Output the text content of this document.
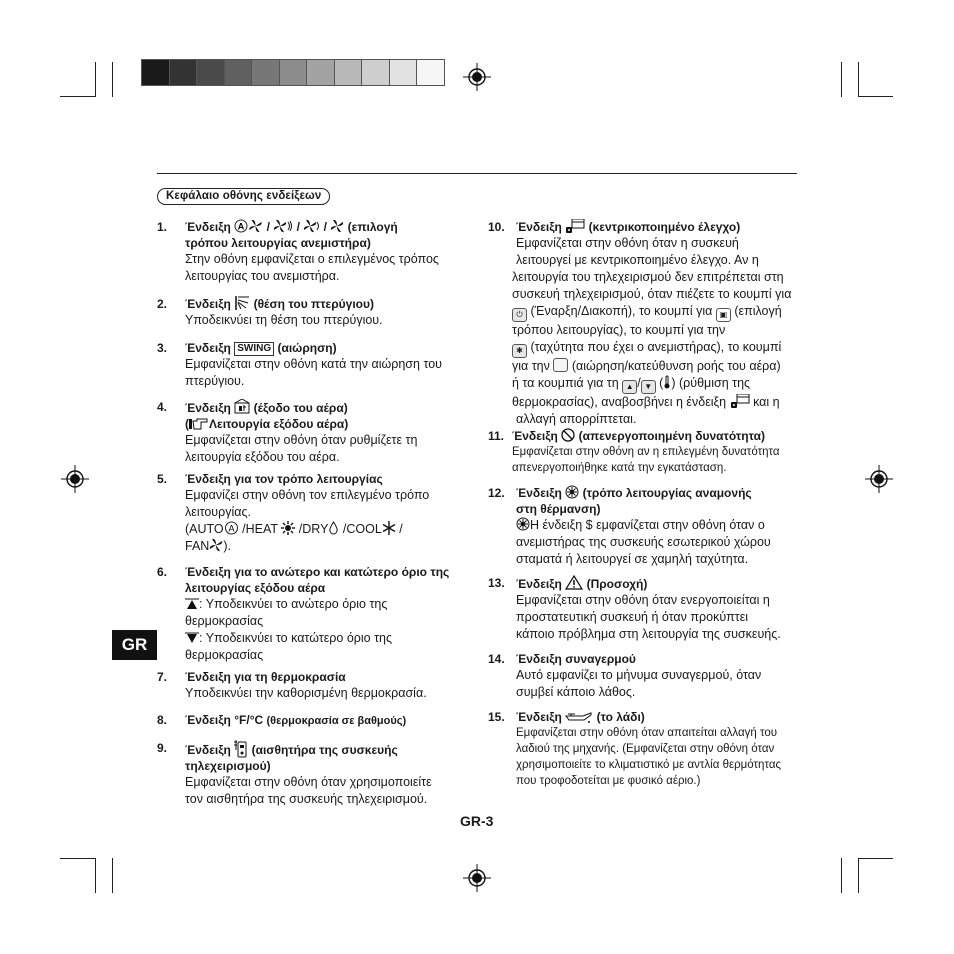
Κεφάλαιο οθόνης ενδείξεων
1. Ένδειξη A /  /  /  (επιλογή
τρόπου λειτουργίας ανεμιστήρα)
Στην οθόνη εμφανίζεται ο επιλεγμένος τρόπος
λειτουργίας του ανεμιστήρα.
2. Ένδειξη (θέση του πτερύγιου)
Υποδεικνύει τη θέση του πτερύγιου.
3. Ένδειξη SWING (αιώρηση)
Εμφανίζεται στην οθόνη κατά την αιώρηση του
πτερύγιου.
4. Ένδειξη (έξοδο του αέρα)
( Λειτουργία εξόδου αέρα)
Εμφανίζεται στην οθόνη όταν ρυθμίζετε τη
λειτουργία εξόδου του αέρα.
5. Ένδειξη για τον τρόπο λειτουργίας
Εμφανίζει στην οθόνη τον επιλεγμένο τρόπο
λειτουργίας.
(AUTO A /HEAT /DRY /COOL /
FAN ).
6. Ένδειξη για το ανώτερο και κατώτερο όριο της
λειτουργίας εξόδου αέρα
: Υποδεικνύει το ανώτερο όριο της
θερμοκρασίας
: Υποδεικνύει το κατώτερο όριο της
θερμοκρασίας
7. Ένδειξη για τη θερμοκρασία
Υποδεικνύει την καθορισμένη θερμοκρασία.
8. Ένδειξη °F/°C (θερμοκρασία σε βαθμούς)
9. Ένδειξη (αισθητήρα της συσκευής
τηλεχειρισμού)
Εμφανίζεται στην οθόνη όταν χρησιμοποιείτε
τον αισθητήρα της συσκευής τηλεχειρισμού.
10. Ένδειξη (κεντρικοποιημένο έλεγχο)
Εμφανίζεται στην οθόνη όταν η συσκευή
λειτουργεί με κεντρικοποιημένο έλεγχο. Αν η
λειτουργία του τηλεχειρισμού δεν επιτρέπεται στη
συσκευή τηλεχειρισμού, όταν πιέζετε το κουμπί για
⏻ (Έναρξη/Διακοπή), το κουμπί για ▣ (επιλογή
τρόπου λειτουργίας), το κουμπί για την
✱ (ταχύτητα που έχει ο ανεμιστήρας), το κουμπί
για την (αιώρηση/κατεύθυνση ροής του αέρα)
ή τα κουμπιά για τη ▲ / ▼ ( ) (ρύθμιση της
θερμοκρασίας), αναβοσβήνει η ένδειξη και η
αλλαγή απορρίπτεται.
11. Ένδειξη (απενεργοποιημένη δυνατότητα)
Εμφανίζεται στην οθόνη αν η επιλεγμένη δυνατότητα
απενεργοποιήθηκε κατά την εγκατάσταση.
12. Ένδειξη (τρόπο λειτουργίας αναμονής
στη θέρμανση)
Η ένδειξη $ εμφανίζεται στην οθόνη όταν ο
ανεμιστήρας της συσκευής εσωτερικού χώρου
σταματά ή λειτουργεί σε χαμηλή ταχύτητα.
13. Ένδειξη (Προσοχή)
Εμφανίζεται στην οθόνη όταν ενεργοποιείται η
προστατευτική συσκευή ή όταν προκύπτει
κάποιο πρόβλημα στη λειτουργία της συσκευής.
14. Ένδειξη συναγερμού
Αυτό εμφανίζει το μήνυμα συναγερμού, όταν
συμβεί κάποιο λάθος.
15. Ένδειξη	(το λάδι)
Εμφανίζεται στην οθόνη όταν απαιτείται αλλαγή του
λαδιού της μηχανής. (Εμφανίζεται στην οθόνη όταν
χρησιμοποιείτε το κλιματιστικό με αντλία θερμότητας
που τροφοδοτείται με φυσικό αέριο.)
GR
GR-3
